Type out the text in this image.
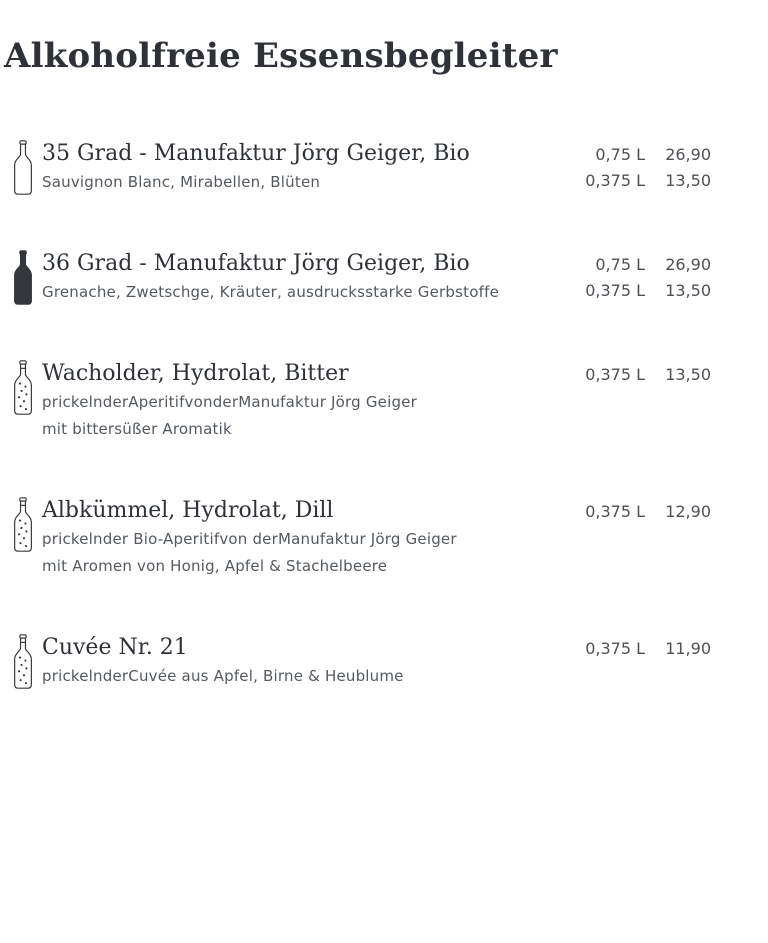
Alkoholfreie Essensbegleiter
35 Grad - Manufaktur Jörg Geiger, Bio

Sauvignon Blanc, Mirabellen, Blüten

0,75 L	26,90
0,375 L	13,50
36 Grad - Manufaktur Jörg Geiger, Bio

Grenache, Zwetschge, Kräuter, ausdrucksstarke Gerbstoffe

0,75 L	26,90
0,375 L	13,50
Wacholder, Hydrolat, Bitter

prickelnderAperitifvonderManufaktur Jörg Geiger

mit bittersüßer Aromatik

0,375 L	13,50
Albkümmel, Hydrolat, Dill

prickelnder Bio-Aperitifvon derManufaktur Jörg Geiger

mit Aromen von Honig, Apfel & Stachelbeere

0,375 L	12,90
Cuvée Nr. 21

prickelnderCuvée aus Apfel, Birne & Heublume

0,375 L	11,90
